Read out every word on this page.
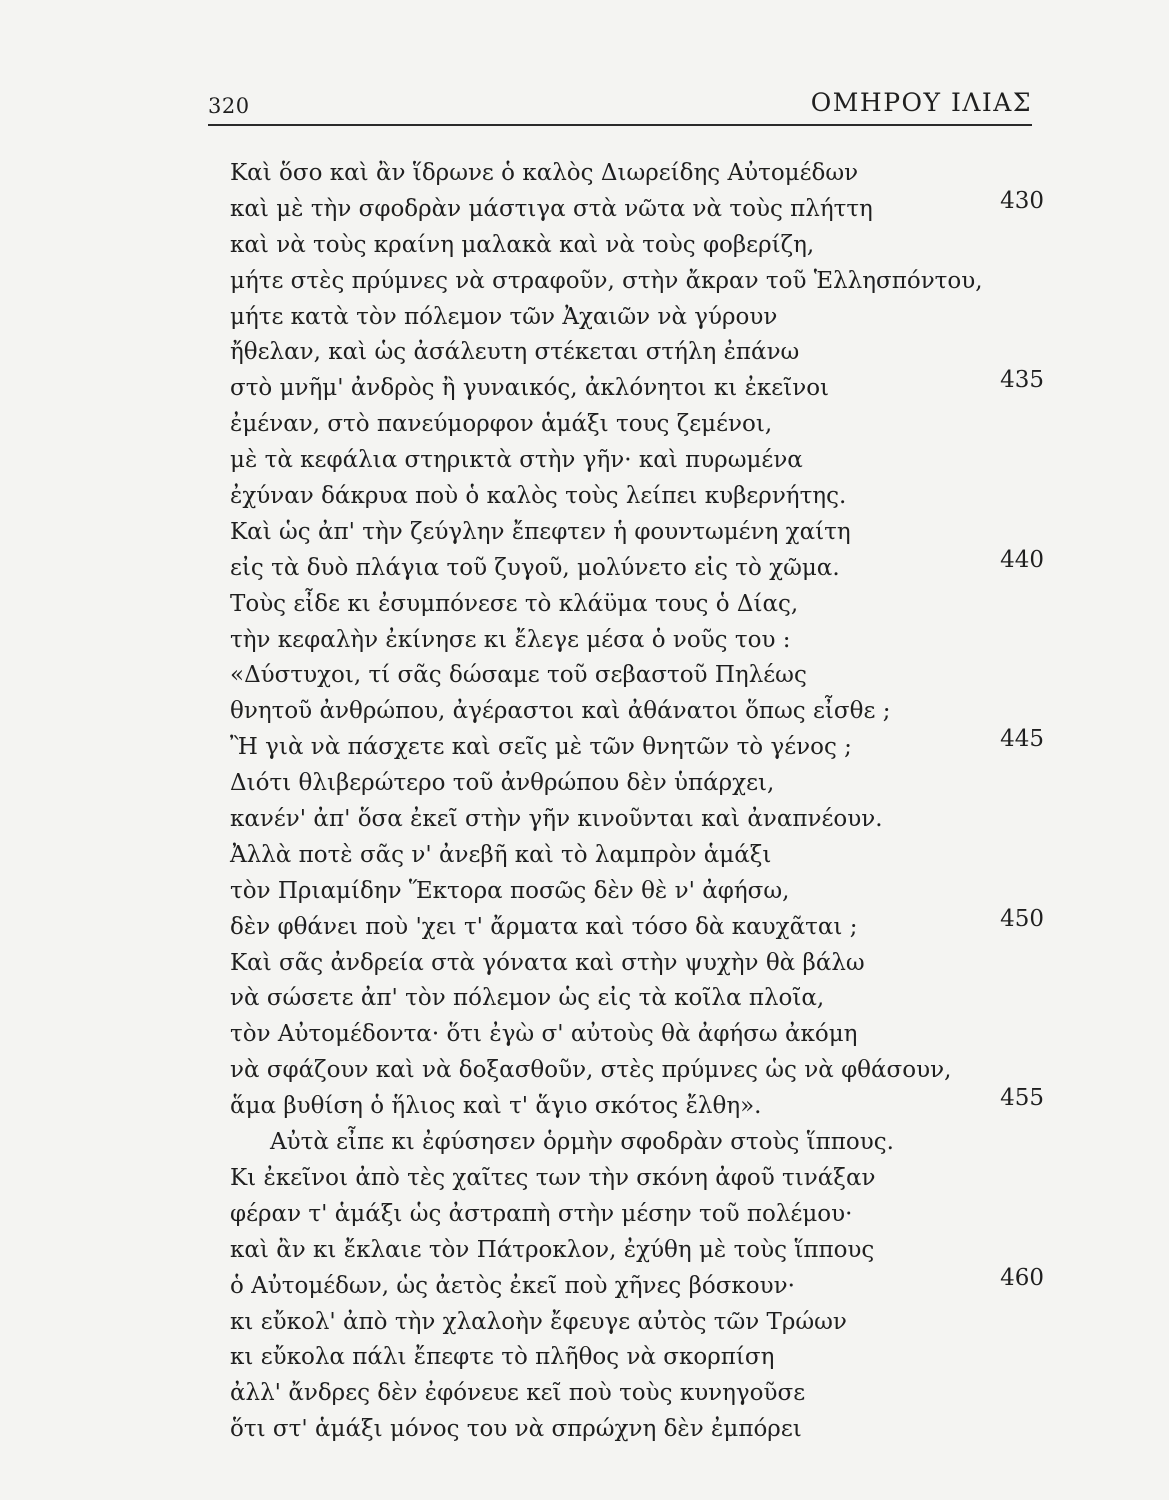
320	ΟΜΗΡΟΥ ΙΛΙΑΣ
Καὶ ὅσο καὶ ἂν ἵδρωνε ὁ καλὸς Διωρείδης Αὐτομέδων
καὶ μὲ τὴν σφοδρὰν μάστιγα στὰ νῶτα νὰ τοὺς πλήττη	430
καὶ νὰ τοὺς κραίνη μαλακὰ καὶ νὰ τοὺς φοβερίζη,
μήτε στὲς πρύμνες νὰ στραφοῦν, στὴν ἄκραν τοῦ Ἑλλησπόντου,
μήτε κατὰ τὸν πόλεμον τῶν Ἀχαιῶν νὰ γύρουν
ἤθελαν, καὶ ὡς ἀσάλευτη στέκεται στήλη ἐπάνω
στὸ μνῆμ' ἀνδρὸς ἢ γυναικός, ἀκλόνητοι κι ἐκεῖνοι	435
ἐμέναν, στὸ πανεύμορφον ἁμάξι τους ζεμένοι,
μὲ τὰ κεφάλια στηρικτὰ στὴν γῆν· καὶ πυρωμένα
ἐχύναν δάκρυα ποὺ ὁ καλὸς τοὺς λείπει κυβερνήτης.
Καὶ ὡς ἀπ' τὴν ζεύγλην ἔπεφτεν ἡ φουντωμένη χαίτη
εἰς τὰ δυὸ πλάγια τοῦ ζυγοῦ, μολύνετο εἰς τὸ χῶμα.	440
Τοὺς εἶδε κι ἐσυμπόνεσε τὸ κλάϋμα τους ὁ Δίας,
τὴν κεφαλὴν ἐκίνησε κι ἔλεγε μέσα ὁ νοῦς του :
«Δύστυχοι, τί σᾶς δώσαμε τοῦ σεβαστοῦ Πηλέως
θνητοῦ ἀνθρώπου, ἀγέραστοι καὶ ἀθάνατοι ὅπως εἶσθε ;
Ἢ γιὰ νὰ πάσχετε καὶ σεῖς μὲ τῶν θνητῶν τὸ γένος ;	445
Διότι θλιβερώτερο τοῦ ἀνθρώπου δὲν ὑπάρχει,
κανέν' ἀπ' ὅσα ἐκεῖ στὴν γῆν κινοῦνται καὶ ἀναπνέουν.
Ἀλλὰ ποτὲ σᾶς ν' ἀνεβῆ καὶ τὸ λαμπρὸν ἁμάξι
τὸν Πριαμίδην Ἕκτορα ποσῶς δὲν θὲ ν' ἀφήσω,
δὲν φθάνει ποὺ 'χει τ' ἄρματα καὶ τόσο δὰ καυχᾶται ;	450
Καὶ σᾶς ἀνδρεία στὰ γόνατα καὶ στὴν ψυχὴν θὰ βάλω
νὰ σώσετε ἀπ' τὸν πόλεμον ὡς εἰς τὰ κοῖλα πλοῖα,
τὸν Αὐτομέδοντα· ὅτι ἐγὼ σ' αὐτοὺς θὰ ἀφήσω ἀκόμη
νὰ σφάζουν καὶ νὰ δοξασθοῦν, στὲς πρύμνες ὡς νὰ φθάσουν,
ἅμα βυθίση ὁ ἥλιος καὶ τ' ἅγιο σκότος ἔλθη».	455
Αὐτὰ εἶπε κι ἐφύσησεν ὁρμὴν σφοδρὰν στοὺς ἵππους.
Κι ἐκεῖνοι ἀπὸ τὲς χαῖτες των τὴν σκόνη ἀφοῦ τινάξαν
φέραν τ' ἁμάξι ὡς ἀστραπὴ στὴν μέσην τοῦ πολέμου·
καὶ ἂν κι ἔκλαιε τὸν Πάτροκλον, ἐχύθη μὲ τοὺς ἵππους
ὁ Αὐτομέδων, ὡς ἀετὸς ἐκεῖ ποὺ χῆνες βόσκουν·	460
κι εὔκολ' ἀπὸ τὴν χλαλοὴν ἔφευγε αὐτὸς τῶν Τρώων
κι εὔκολα πάλι ἔπεφτε τὸ πλῆθος νὰ σκορπίση
ἀλλ' ἄνδρες δὲν ἐφόνευε κεῖ ποὺ τοὺς κυνηγοῦσε
ὅτι στ' ἁμάξι μόνος του νὰ σπρώχνη δὲν ἐμπόρει
